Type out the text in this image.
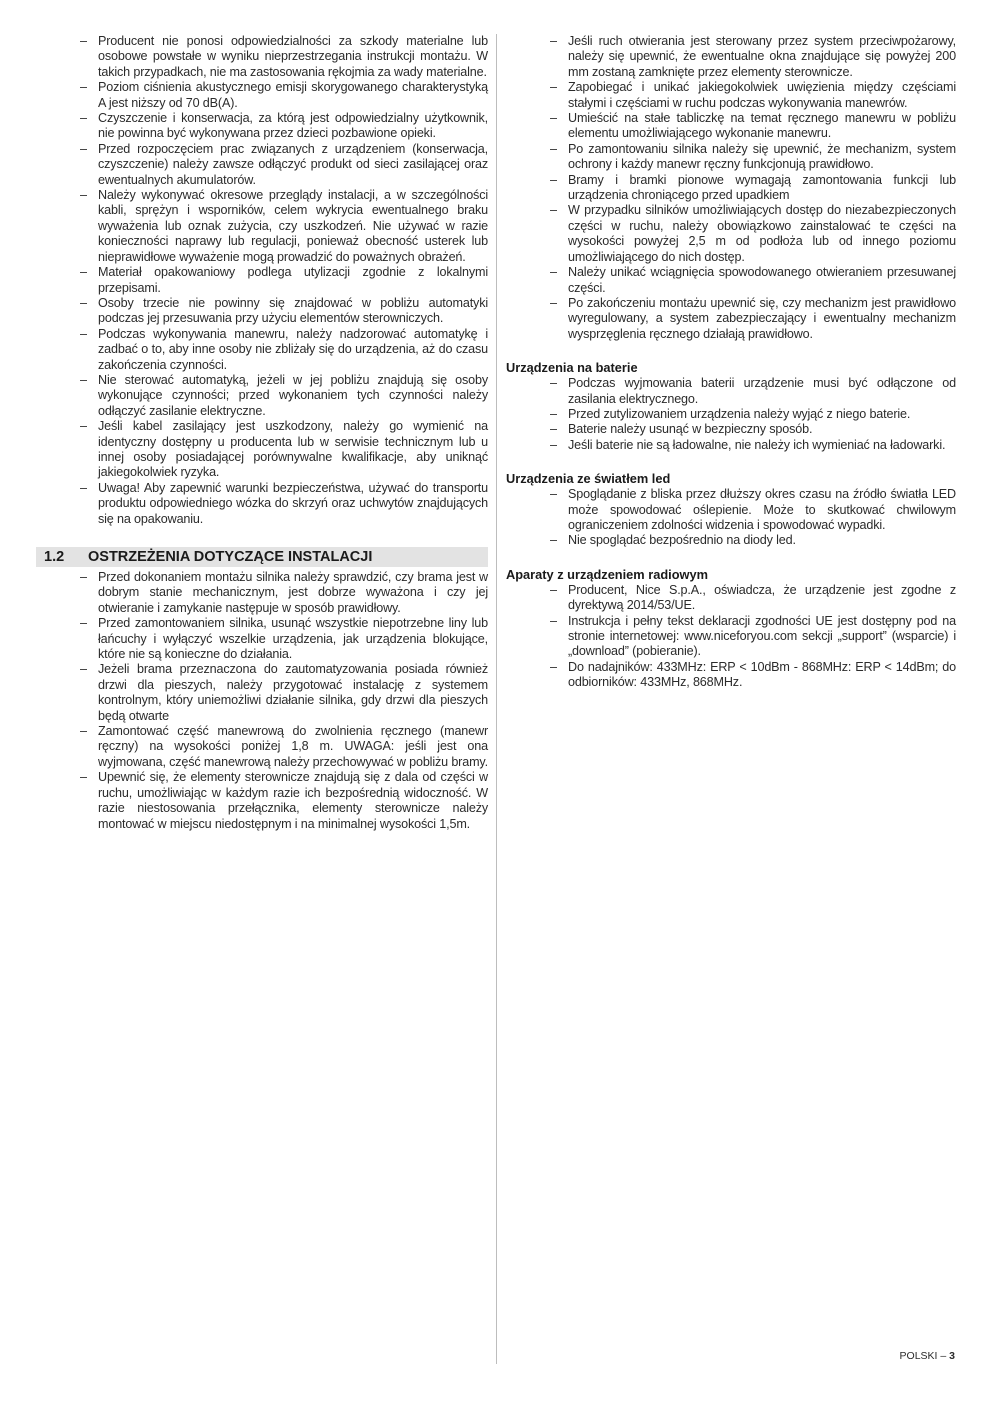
– Producent nie ponosi odpowiedzialności za szkody materialne lub osobowe powstałe w wyniku nieprzestrzegania instrukcji montażu. W takich przypadkach, nie ma zastosowania rękojmia za wady materialne.
– Poziom ciśnienia akustycznego emisji skorygowanego charakterystyką A jest niższy od 70 dB(A).
– Czyszczenie i konserwacja, za którą jest odpowiedzialny użytkownik, nie powinna być wykonywana przez dzieci pozbawione opieki.
– Przed rozpoczęciem prac związanych z urządzeniem (konserwacja, czyszczenie) należy zawsze odłączyć produkt od sieci zasilającej oraz ewentualnych akumulatorów.
– Należy wykonywać okresowe przeglądy instalacji, a w szczególności kabli, sprężyn i wsporników, celem wykrycia ewentualnego braku wyważenia lub oznak zużycia, czy uszkodzeń. Nie używać w razie konieczności naprawy lub regulacji, ponieważ obecność usterek lub nieprawidłowe wyważenie mogą prowadzić do poważnych obrażeń.
– Materiał opakowaniowy podlega utylizacji zgodnie z lokalnymi przepisami.
– Osoby trzecie nie powinny się znajdować w pobliżu automatyki podczas jej przesuwania przy użyciu elementów sterowniczych.
– Podczas wykonywania manewru, należy nadzorować automatykę i zadbać o to, aby inne osoby nie zbliżały się do urządzenia, aż do czasu zakończenia czynności.
– Nie sterować automatyką, jeżeli w jej pobliżu znajdują się osoby wykonujące czynności; przed wykonaniem tych czynności należy odłączyć zasilanie elektryczne.
– Jeśli kabel zasilający jest uszkodzony, należy go wymienić na identyczny dostępny u producenta lub w serwisie technicznym lub u innej osoby posiadającej porównywalne kwalifikacje, aby uniknąć jakiegokolwiek ryzyka.
– Uwaga! Aby zapewnić warunki bezpieczeństwa, używać do transportu produktu odpowiedniego wózka do skrzyń oraz uchwytów znajdujących się na opakowaniu.
1.2	OSTRZEŻENIA DOTYCZĄCE INSTALACJI
– Przed dokonaniem montażu silnika należy sprawdzić, czy brama jest w dobrym stanie mechanicznym, jest dobrze wyważona i czy jej otwieranie i zamykanie następuje w sposób prawidłowy.
– Przed zamontowaniem silnika, usunąć wszystkie niepotrzebne liny lub łańcuchy i wyłączyć wszelkie urządzenia, jak urządzenia blokujące, które nie są konieczne do działania.
– Jeżeli brama przeznaczona do zautomatyzowania posiada również drzwi dla pieszych, należy przygotować instalację z systemem kontrolnym, który uniemożliwi działanie silnika, gdy drzwi dla pieszych będą otwarte
– Zamontować część manewrową do zwolnienia ręcznego (manewr ręczny) na wysokości poniżej 1,8 m. UWAGA: jeśli jest ona wyjmowana, część manewrową należy przechowywać w pobliżu bramy.
– Upewnić się, że elementy sterownicze znajdują się z dala od części w ruchu, umożliwiając w każdym razie ich bezpośrednią widoczność. W razie niestosowania przełącznika, elementy sterownicze należy montować w miejscu niedostępnym i na minimalnej wysokości 1,5m.
– Jeśli ruch otwierania jest sterowany przez system przeciwpożarowy, należy się upewnić, że ewentualne okna znajdujące się powyżej 200 mm zostaną zamknięte przez elementy sterownicze.
– Zapobiegać i unikać jakiegokolwiek uwięzienia między częściami stałymi i częściami w ruchu podczas wykonywania manewrów.
– Umieścić na stałe tabliczkę na temat ręcznego manewru w pobliżu elementu umożliwiającego wykonanie manewru.
– Po zamontowaniu silnika należy się upewnić, że mechanizm, system ochrony i każdy manewr ręczny funkcjonują prawidłowo.
– Bramy i bramki pionowe wymagają zamontowania funkcji lub urządzenia chroniącego przed upadkiem
– W przypadku silników umożliwiających dostęp do niezabezpieczonych części w ruchu, należy obowiązkowo zainstalować te części na wysokości powyżej 2,5 m od podłoża lub od innego poziomu umożliwiającego do nich dostęp.
– Należy unikać wciągnięcia spowodowanego otwieraniem przesuwanej części.
– Po zakończeniu montażu upewnić się, czy mechanizm jest prawidłowo wyregulowany, a system zabezpieczający i ewentualny mechanizm wysprzęglenia ręcznego działają prawidłowo.
Urządzenia na baterie
– Podczas wyjmowania baterii urządzenie musi być odłączone od zasilania elektrycznego.
– Przed zutylizowaniem urządzenia należy wyjąć z niego baterie.
– Baterie należy usunąć w bezpieczny sposób.
– Jeśli baterie nie są ładowalne, nie należy ich wymieniać na ładowarki.
Urządzenia ze światłem led
– Spoglądanie z bliska przez dłuższy okres czasu na źródło światła LED może spowodować oślepienie. Może to skutkować chwilowym ograniczeniem zdolności widzenia i spowodować wypadki.
– Nie spoglądać bezpośrednio na diody led.
Aparaty z urządzeniem radiowym
– Producent, Nice S.p.A., oświadcza, że urządzenie jest zgodne z dyrektywą 2014/53/UE.
– Instrukcja i pełny tekst deklaracji zgodności UE jest dostępny pod na stronie internetowej: www.niceforyou.com sekcji „support” (wsparcie) i „download” (pobieranie).
– Do nadajników: 433MHz: ERP < 10dBm - 868MHz: ERP < 14dBm; do odbiorników: 433MHz, 868MHz.
POLSKI – 3
